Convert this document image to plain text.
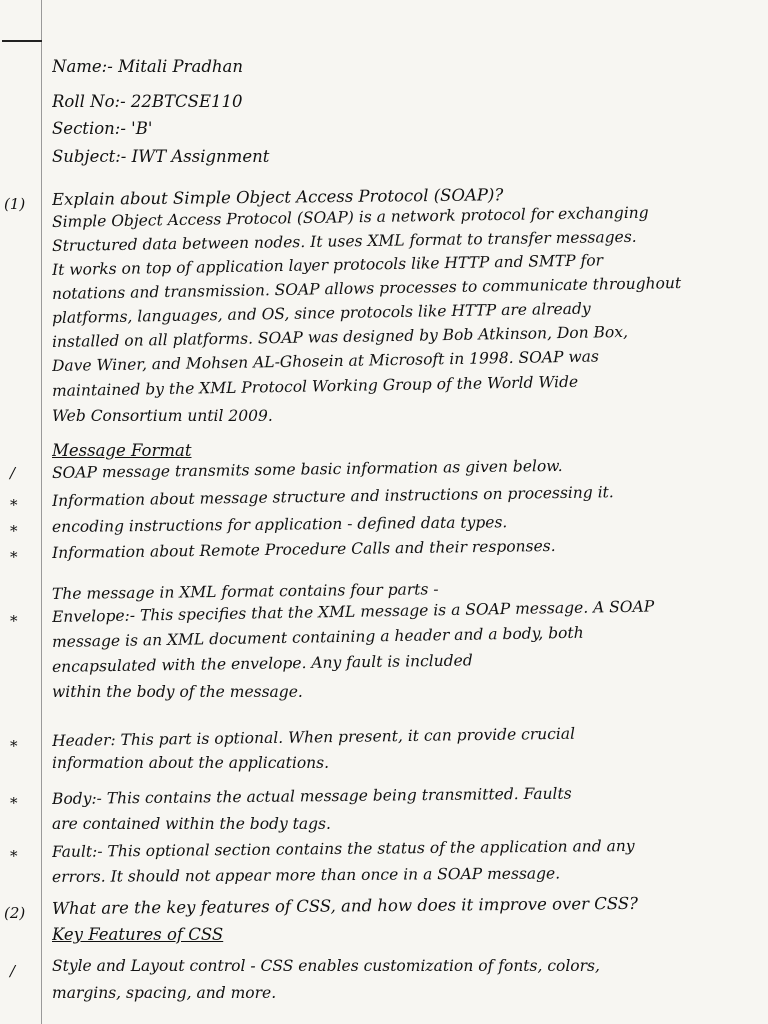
Name:- Mitali Pradhan
Roll No:- 22BTCSE110
Section:- 'B'
Subject:- IWT Assignment
(1) Explain about Simple Object Access Protocol (SOAP)?
Simple Object Access Protocol (SOAP) is a network protocol for exchanging
Structured data between nodes. It uses XML format to transfer messages.
It works on top of application layer protocols like HTTP and SMTP for
notations and transmission. SOAP allows processes to communicate throughout
platforms, languages, and OS, since protocols like HTTP are already
installed on all platforms. SOAP was designed by Bob Atkinson, Don Box,
Dave Winer, and Mohsen AL-Ghosein at Microsoft in 1998. SOAP was
maintained by the XML Protocol Working Group of the World Wide
Web Consortium until 2009.
Message Format
/ SOAP message transmits some basic information as given below.
* Information about message structure and instructions on processing it.
* encoding instructions for application - defined data types.
* Information about Remote Procedure Calls and their responses.
The message in XML format contains four parts -
* Envelope:- This specifies that the XML message is a SOAP message. A SOAP
message is an XML document containing a header and a body, both
encapsulated with the envelope. Any fault is included
within the body of the message.
* Header: This part is optional. When present, it can provide crucial
information about the applications.
* Body:- This contains the actual message being transmitted. Faults
are contained within the body tags.
* Fault:- This optional section contains the status of the application and any
errors. It should not appear more than once in a SOAP message.
(2) What are the key features of CSS, and how does it improve over CSS?
Key Features of CSS
/ Style and Layout control - CSS enables customization of fonts, colors,
margins, spacing, and more.
